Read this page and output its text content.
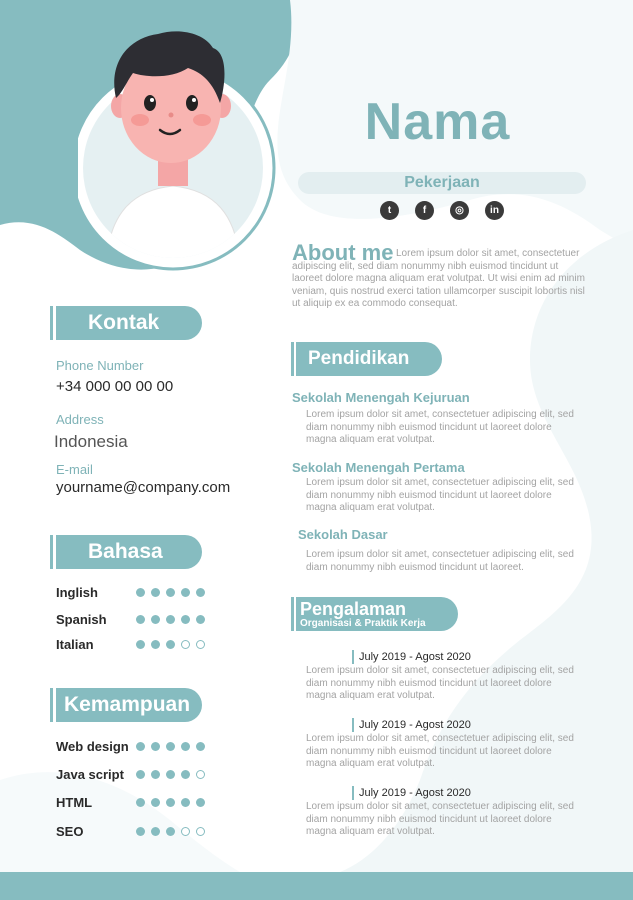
Nama
Pekerjaan
t	f	◎	in
Kontak
Phone Number
+34 000 00 00 00
Address
Indonesia
E-mail
yourname@company.com
Bahasa
Inglish
Spanish
Italian
Kemampuan
Web design
Java script
HTML
SEO
About me Lorem ipsum dolor sit amet, consectetuer adipiscing elit, sed diam nonummy nibh euismod tincidunt ut laoreet dolore magna aliquam erat volutpat. Ut wisi enim ad minim veniam, quis nostrud exerci tation ullamcorper suscipit lobortis nisl ut aliquip ex ea commodo consequat.
Pendidikan
Sekolah Menengah Kejuruan
Lorem ipsum dolor sit amet, consectetuer adipiscing elit, sed diam nonummy nibh euismod tincidunt ut laoreet dolore magna aliquam erat volutpat.
Sekolah Menengah Pertama
Lorem ipsum dolor sit amet, consectetuer adipiscing elit, sed diam nonummy nibh euismod tincidunt ut laoreet dolore magna aliquam erat volutpat.
Sekolah Dasar
Lorem ipsum dolor sit amet, consectetuer adipiscing elit, sed diam nonummy nibh euismod tincidunt ut laoreet.
Pengalaman
Organisasi & Praktik Kerja
July 2019 - Agost 2020
Lorem ipsum dolor sit amet, consectetuer adipiscing elit, sed diam nonummy nibh euismod tincidunt ut laoreet dolore magna aliquam erat volutpat.
July 2019 - Agost 2020
Lorem ipsum dolor sit amet, consectetuer adipiscing elit, sed diam nonummy nibh euismod tincidunt ut laoreet dolore magna aliquam erat volutpat.
July 2019 - Agost 2020
Lorem ipsum dolor sit amet, consectetuer adipiscing elit, sed diam nonummy nibh euismod tincidunt ut laoreet dolore magna aliquam erat volutpat.
